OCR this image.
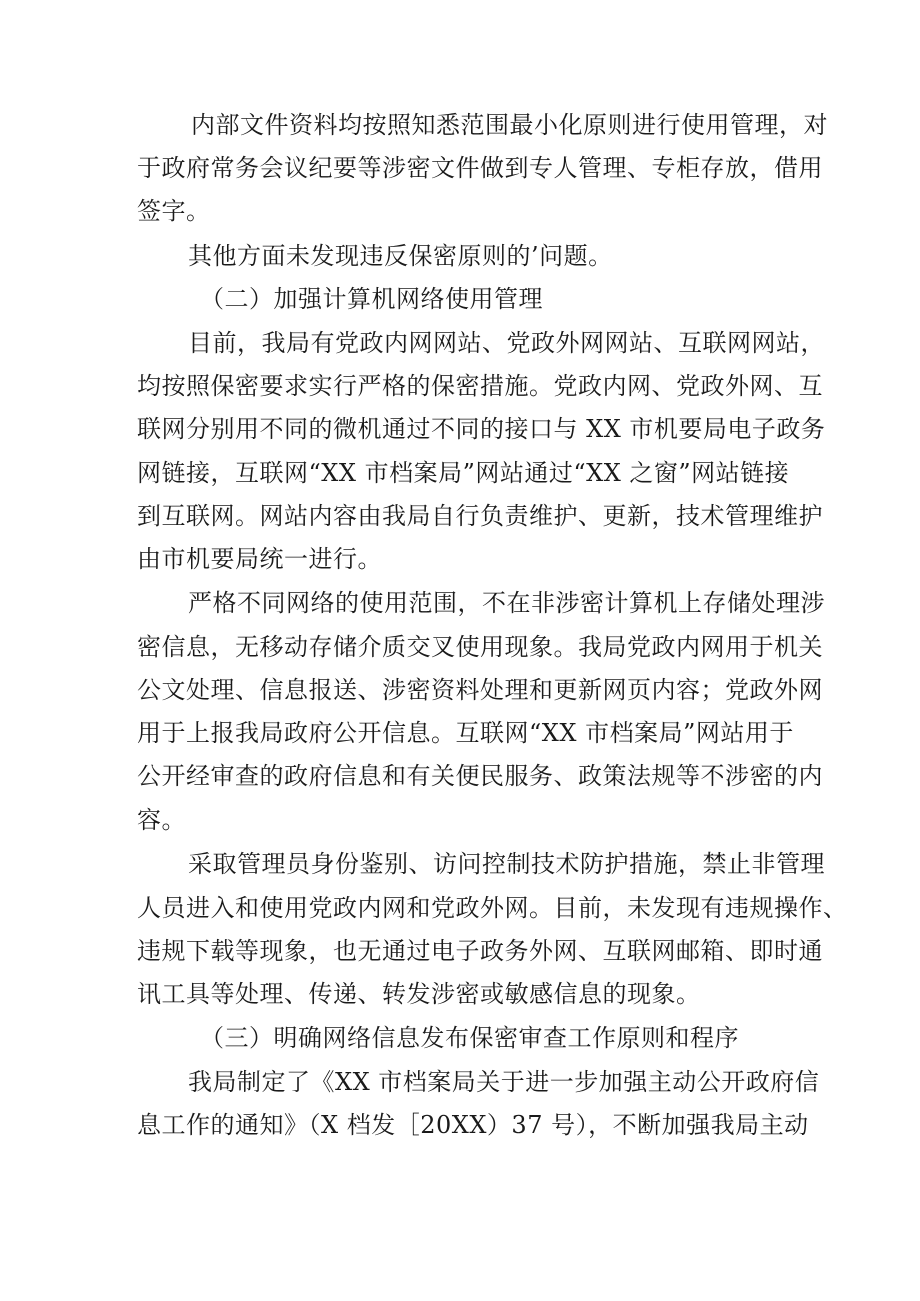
内部文件资料均按照知悉范围最小化原则进行使用管理，对
于政府常务会议纪要等涉密文件做到专人管理、专柜存放，借用
签字。
其他方面未发现违反保密原则的’问题。
（二）加强计算机网络使用管理
目前，我局有党政内网网站、党政外网网站、互联网网站，
均按照保密要求实行严格的保密措施。党政内网、党政外网、互
联网分别用不同的微机通过不同的接口与 XX 市机要局电子政务
网链接，互联网“XX 市档案局”网站通过“XX 之窗”网站链接
到互联网。网站内容由我局自行负责维护、更新，技术管理维护
由市机要局统一进行。
严格不同网络的使用范围，不在非涉密计算机上存储处理涉
密信息，无移动存储介质交叉使用现象。我局党政内网用于机关
公文处理、信息报送、涉密资料处理和更新网页内容；党政外网
用于上报我局政府公开信息。互联网“XX 市档案局”网站用于
公开经审查的政府信息和有关便民服务、政策法规等不涉密的内
容。
采取管理员身份鉴别、访问控制技术防护措施，禁止非管理
人员进入和使用党政内网和党政外网。目前，未发现有违规操作、
违规下载等现象，也无通过电子政务外网、互联网邮箱、即时通
讯工具等处理、传递、转发涉密或敏感信息的现象。
（三）明确网络信息发布保密审查工作原则和程序
我局制定了《XX 市档案局关于进一步加强主动公开政府信
息工作的通知》（X 档发［20XX）37 号），不断加强我局主动
